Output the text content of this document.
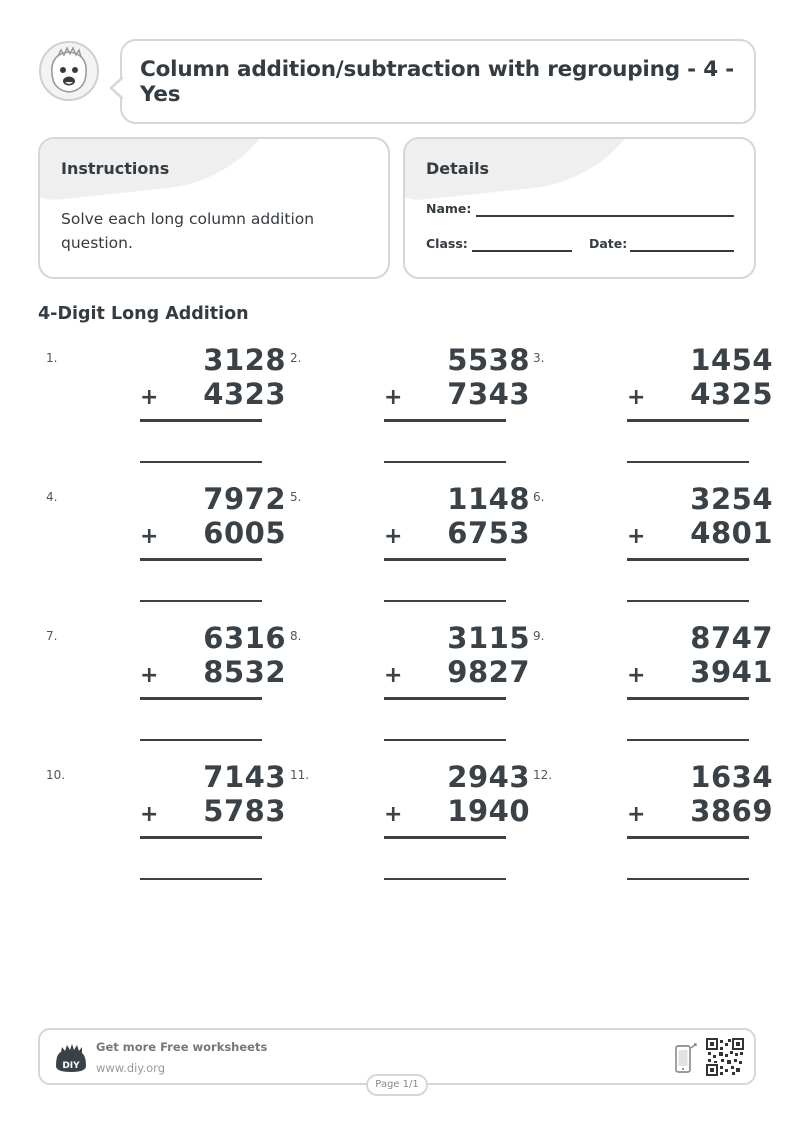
Column addition/subtraction with regrouping - 4 - Yes
Instructions
Solve each long column addition question.
Details
Name:
Class:	Date:
4-Digit Long Addition
1.	3128
+	4323
2.	5538
+	7343
3.	1454
+	4325
4.	7972
+	6005
5.	1148
+	6753
6.	3254
+	4801
7.	6316
+	8532
8.	3115
+	9827
9.	8747
+	3941
10.	7143
+	5783
11.	2943
+	1940
12.	1634
+	3869
DIY
Get more Free worksheets
www.diy.org
Page 1/1
